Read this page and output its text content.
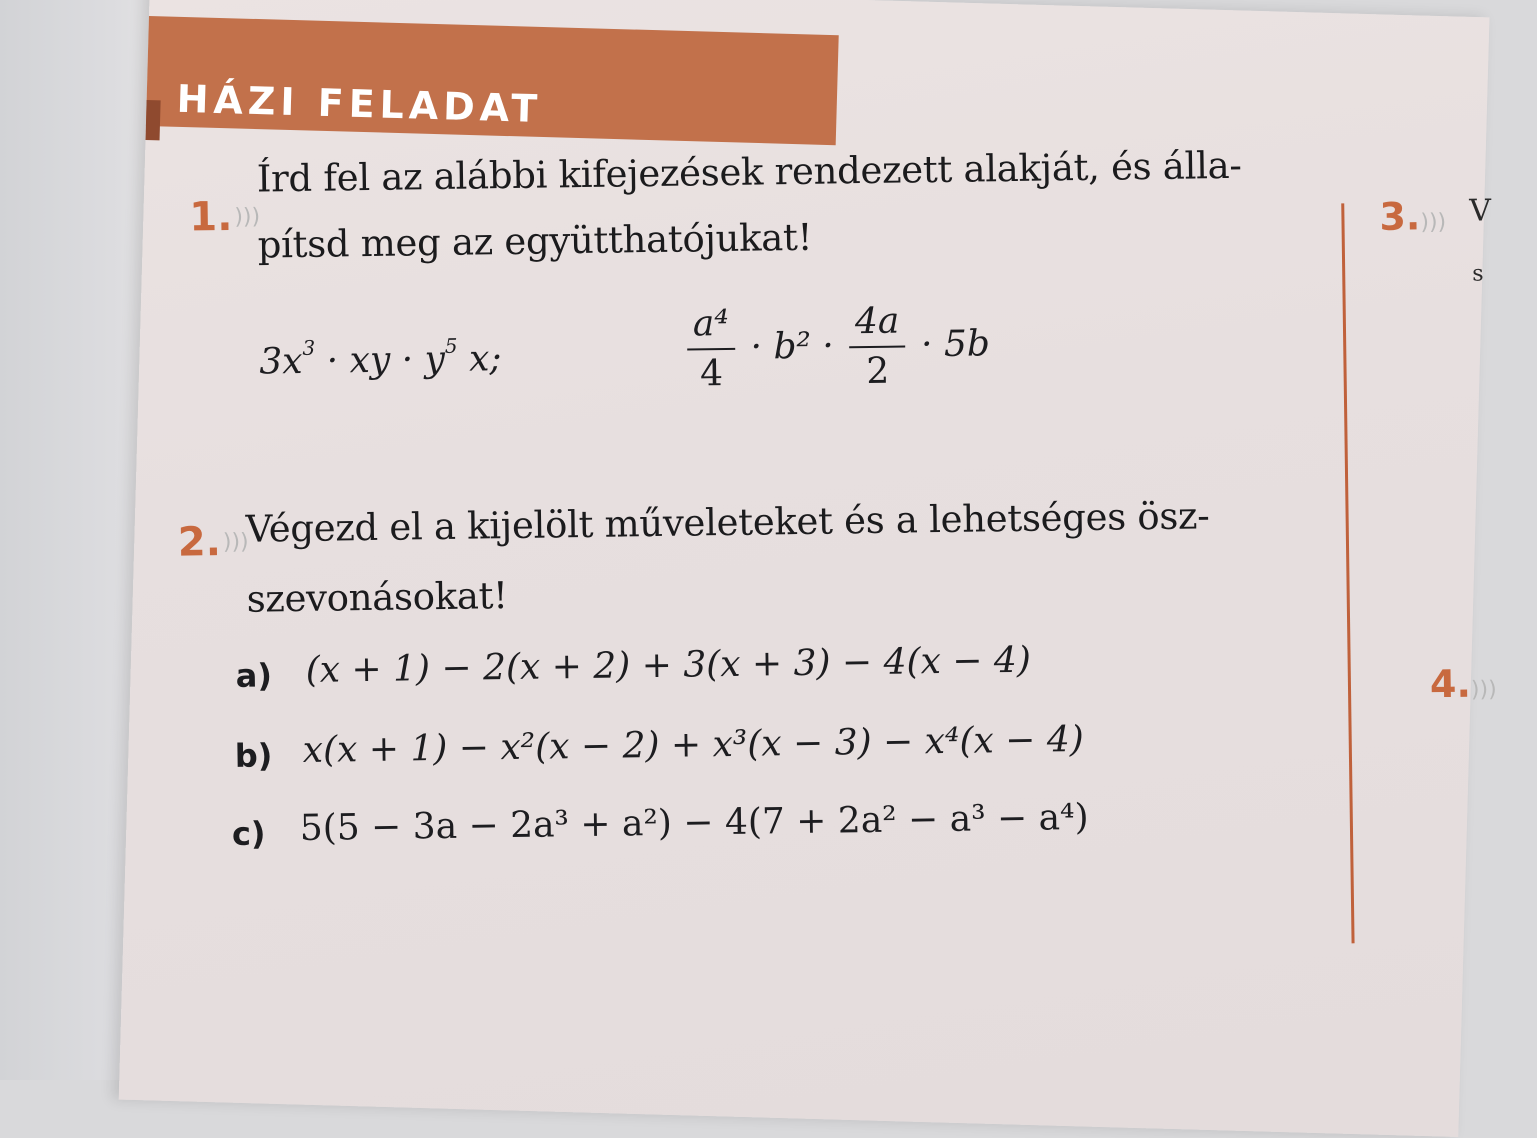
HÁZI FELADAT
1.)))
Írd fel az alábbi kifejezések rendezett alakját, és álla-
pítsd meg az együtthatójukat!
$3x^3$ · xy · $y^5$ x;	$\frac{\text{a⁴}}{4} \cdot b^2 \cdot \frac{4a}{2} \cdot 5b$
2.)))
Végezd el a kijelölt műveleteket és a lehetséges ösz-
szevonásokat!
a) (x + 1) − 2(x + 2) + 3(x + 3) − 4(x − 4)
b) x(x + 1) − x²(x − 2) + x³(x − 3) − x⁴(x − 4)
c) 5(5 − 3a − 2a³ + a²) − 4(7 + 2a² − a³ − a⁴)
3.))) V
s
4.)))
